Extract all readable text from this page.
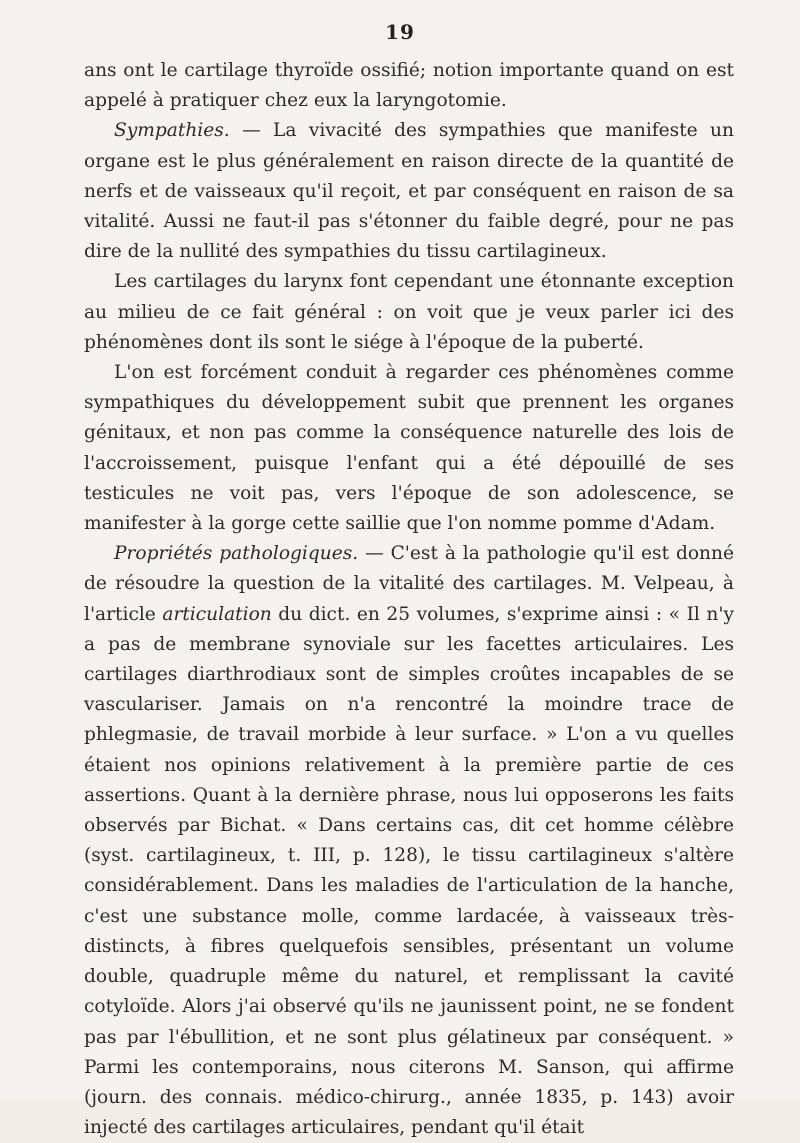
19

ans ont le cartilage thyroïde ossifié; notion importante quand on est appelé à pratiquer chez eux la laryngotomie.

Sympathies. — La vivacité des sympathies que manifeste un organe est le plus généralement en raison directe de la quantité de nerfs et de vaisseaux qu'il reçoit, et par conséquent en raison de sa vitalité. Aussi ne faut-il pas s'étonner du faible degré, pour ne pas dire de la nullité des sympathies du tissu cartilagineux.

Les cartilages du larynx font cependant une étonnante exception au milieu de ce fait général : on voit que je veux parler ici des phénomènes dont ils sont le siége à l'époque de la puberté.

L'on est forcément conduit à regarder ces phénomènes comme sympathiques du développement subit que prennent les organes génitaux, et non pas comme la conséquence naturelle des lois de l'accroissement, puisque l'enfant qui a été dépouillé de ses testicules ne voit pas, vers l'époque de son adolescence, se manifester à la gorge cette saillie que l'on nomme pomme d'Adam.

Propriétés pathologiques. — C'est à la pathologie qu'il est donné de résoudre la question de la vitalité des cartilages. M. Velpeau, à l'article articulation du dict. en 25 volumes, s'exprime ainsi : « Il n'y a pas de membrane synoviale sur les facettes articulaires. Les cartilages diarthrodiaux sont de simples croûtes incapables de se vasculariser. Jamais on n'a rencontré la moindre trace de phlegmasie, de travail morbide à leur surface. » L'on a vu quelles étaient nos opinions relativement à la première partie de ces assertions. Quant à la dernière phrase, nous lui opposerons les faits observés par Bichat. « Dans certains cas, dit cet homme célèbre (syst. cartilagineux, t. III, p. 128), le tissu cartilagineux s'altère considérablement. Dans les maladies de l'articulation de la hanche, c'est une substance molle, comme lardacée, à vaisseaux très-distincts, à fibres quelquefois sensibles, présentant un volume double, quadruple même du naturel, et remplissant la cavité cotyloïde. Alors j'ai observé qu'ils ne jaunissent point, ne se fondent pas par l'ébullition, et ne sont plus gélatineux par conséquent. » Parmi les contemporains, nous citerons M. Sanson, qui affirme (journ. des connais. médico-chirurg., année 1835, p. 143) avoir injecté des cartilages articulaires, pendant qu'il était
